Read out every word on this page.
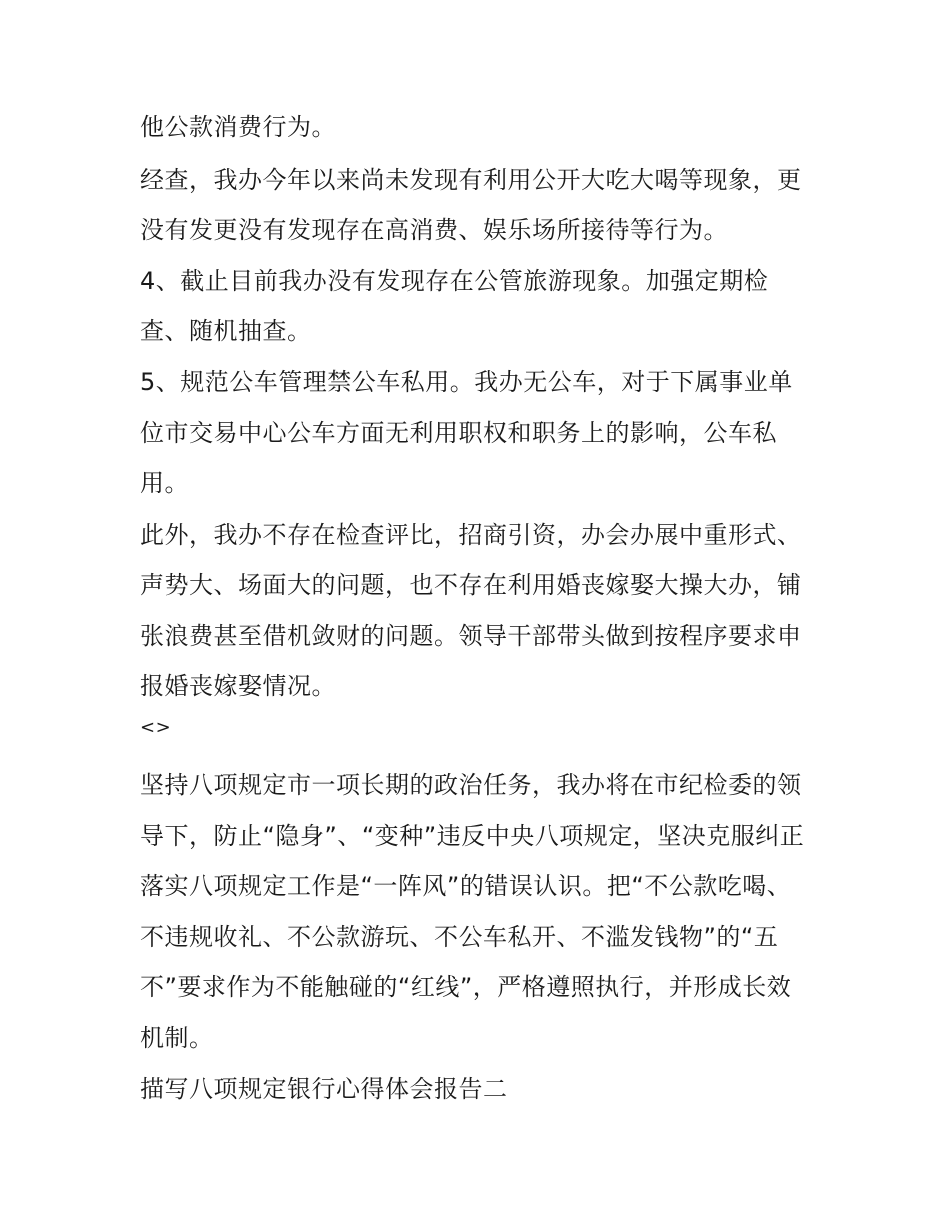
他公款消费行为。
经查，我办今年以来尚未发现有利用公开大吃大喝等现象，更
没有发更没有发现存在高消费、娱乐场所接待等行为。
4、截止目前我办没有发现存在公管旅游现象。加强定期检
查、随机抽查。
5、规范公车管理禁公车私用。我办无公车，对于下属事业单
位市交易中心公车方面无利用职权和职务上的影响，公车私
用。
此外，我办不存在检查评比，招商引资，办会办展中重形式、
声势大、场面大的问题，也不存在利用婚丧嫁娶大操大办，铺
张浪费甚至借机敛财的问题。领导干部带头做到按程序要求申
报婚丧嫁娶情况。
<>
坚持八项规定市一项长期的政治任务，我办将在市纪检委的领
导下，防止“隐身”、“变种”违反中央八项规定，坚决克服纠正
落实八项规定工作是“一阵风”的错误认识。把“不公款吃喝、
不违规收礼、不公款游玩、不公车私开、不滥发钱物”的“五
不”要求作为不能触碰的“红线”，严格遵照执行，并形成长效
机制。
描写八项规定银行心得体会报告二
